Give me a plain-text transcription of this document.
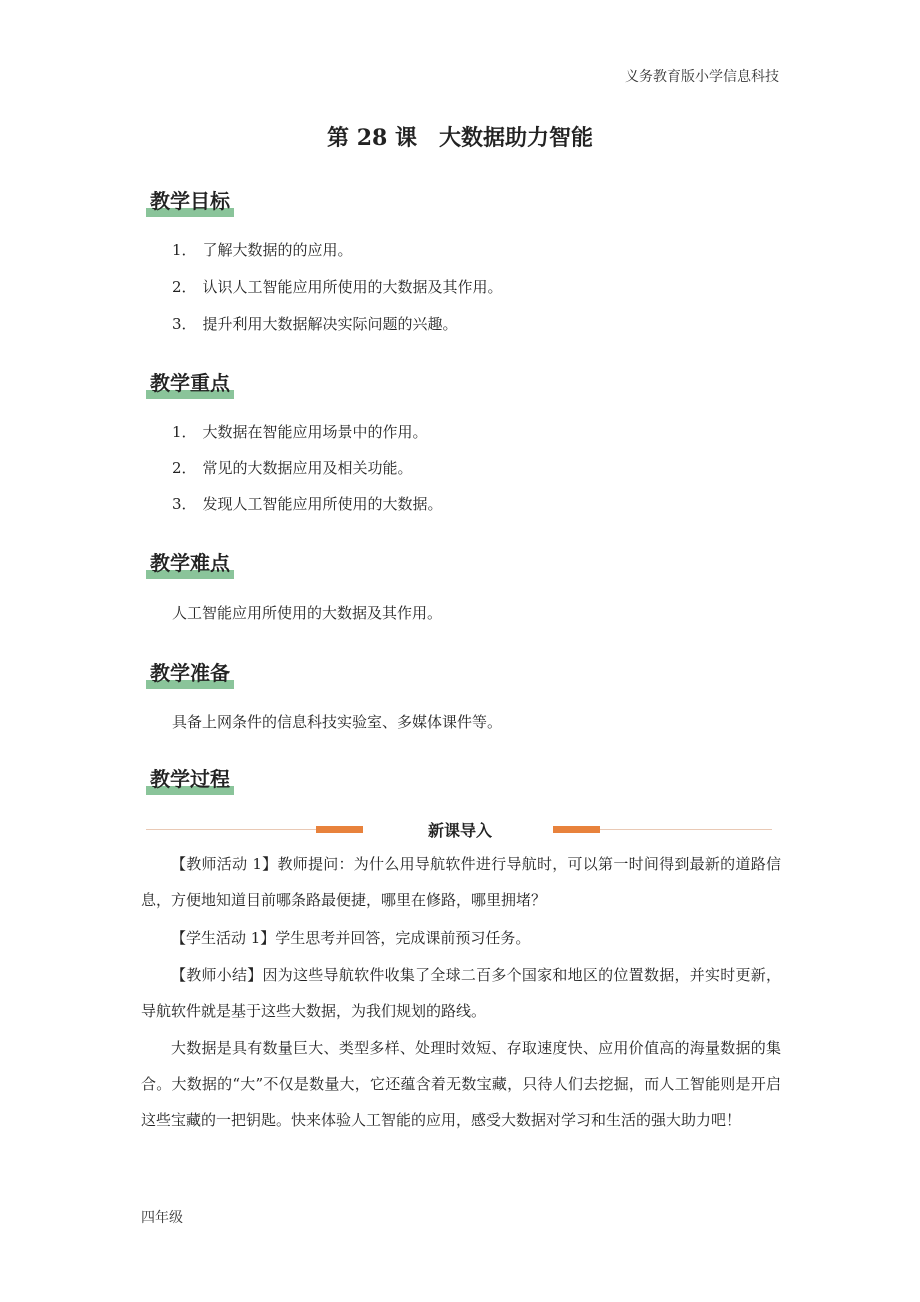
义务教育版小学信息科技
第 28 课　大数据助力智能
教学目标
1． 了解大数据的的应用。
2． 认识人工智能应用所使用的大数据及其作用。
3． 提升利用大数据解决实际问题的兴趣。
教学重点
1． 大数据在智能应用场景中的作用。
2． 常见的大数据应用及相关功能。
3． 发现人工智能应用所使用的大数据。
教学难点
人工智能应用所使用的大数据及其作用。
教学准备
具备上网条件的信息科技实验室、多媒体课件等。
教学过程
新课导入
【教师活动 1】教师提问：为什么用导航软件进行导航时，可以第一时间得到最新的道路信息，方便地知道目前哪条路最便捷，哪里在修路，哪里拥堵？
【学生活动 1】学生思考并回答，完成课前预习任务。
【教师小结】因为这些导航软件收集了全球二百多个国家和地区的位置数据，并实时更新，导航软件就是基于这些大数据，为我们规划的路线。
大数据是具有数量巨大、类型多样、处理时效短、存取速度快、应用价值高的海量数据的集合。大数据的“大”不仅是数量大，它还蕴含着无数宝藏，只待人们去挖掘，而人工智能则是开启这些宝藏的一把钥匙。快来体验人工智能的应用，感受大数据对学习和生活的强大助力吧！
四年级
